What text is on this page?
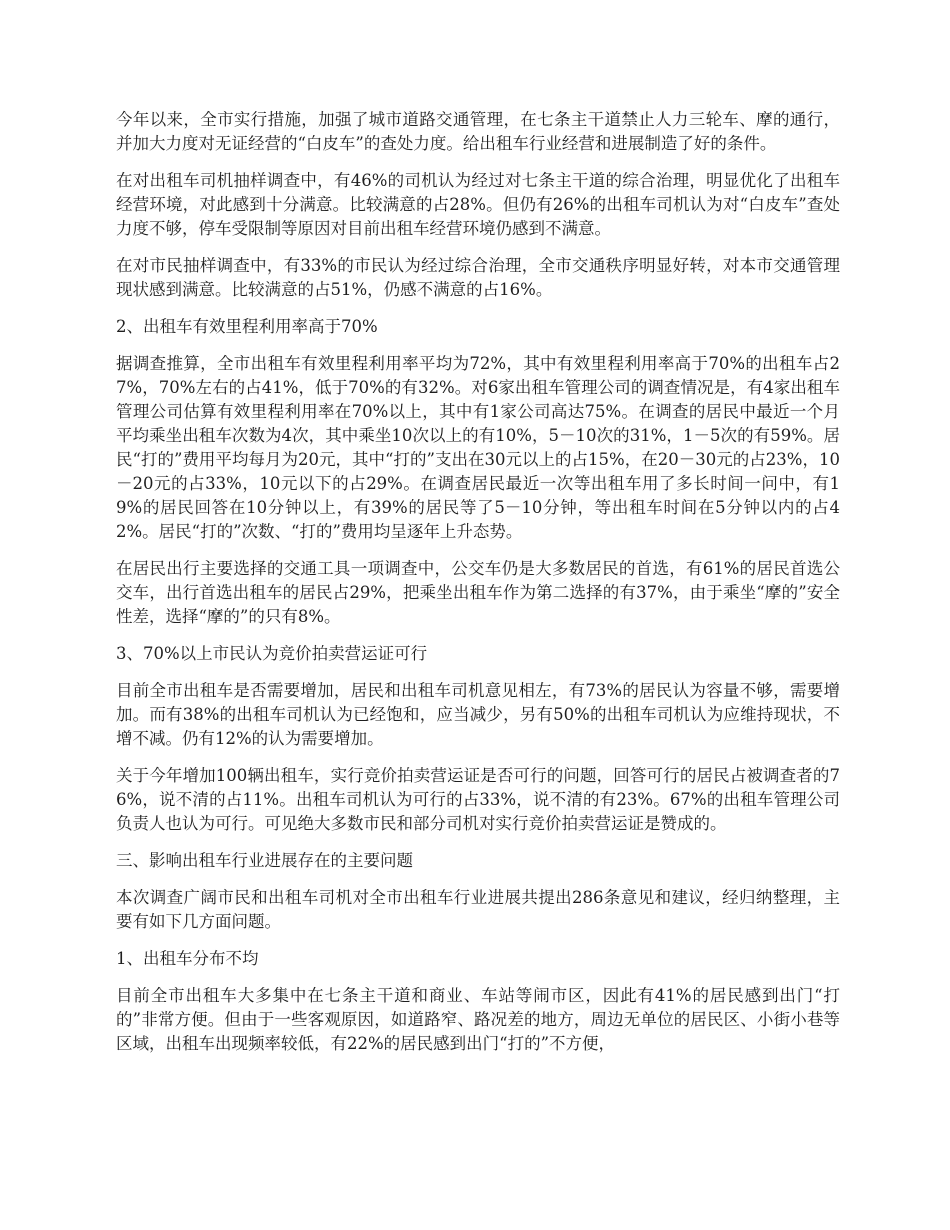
今年以来，全市实行措施，加强了城市道路交通管理，在七条主干道禁止人力三轮车、摩的通行，并加大力度对无证经营的“白皮车”的查处力度。给出租车行业经营和进展制造了好的条件。

在对出租车司机抽样调查中，有46%的司机认为经过对七条主干道的综合治理，明显优化了出租车经营环境，对此感到十分满意。比较满意的占28%。但仍有26%的出租车司机认为对“白皮车”查处力度不够，停车受限制等原因对目前出租车经营环境仍感到不满意。

在对市民抽样调查中，有33%的市民认为经过综合治理，全市交通秩序明显好转，对本市交通管理现状感到满意。比较满意的占51%，仍感不满意的占16%。

2、出租车有效里程利用率高于70%

据调查推算，全市出租车有效里程利用率平均为72%，其中有效里程利用率高于70%的出租车占27%，70%左右的占41%，低于70%的有32%。对6家出租车管理公司的调查情况是，有4家出租车管理公司估算有效里程利用率在70%以上，其中有1家公司高达75%。在调查的居民中最近一个月平均乘坐出租车次数为4次，其中乘坐10次以上的有10%，5－10次的31%，1－5次的有59%。居民“打的”费用平均每月为20元，其中“打的”支出在30元以上的占15%，在20－30元的占23%，10－20元的占33%，10元以下的占29%。在调查居民最近一次等出租车用了多长时间一问中，有19%的居民回答在10分钟以上，有39%的居民等了5－10分钟，等出租车时间在5分钟以内的占42%。居民“打的”次数、“打的”费用均呈逐年上升态势。

在居民出行主要选择的交通工具一项调查中，公交车仍是大多数居民的首选，有61%的居民首选公交车，出行首选出租车的居民占29%，把乘坐出租车作为第二选择的有37%，由于乘坐“摩的”安全性差，选择“摩的”的只有8%。

3、70%以上市民认为竞价拍卖营运证可行

目前全市出租车是否需要增加，居民和出租车司机意见相左，有73%的居民认为容量不够，需要增加。而有38%的出租车司机认为已经饱和，应当减少，另有50%的出租车司机认为应维持现状，不增不减。仍有12%的认为需要增加。

关于今年增加100辆出租车，实行竞价拍卖营运证是否可行的问题，回答可行的居民占被调查者的76%，说不清的占11%。出租车司机认为可行的占33%，说不清的有23%。67%的出租车管理公司负责人也认为可行。可见绝大多数市民和部分司机对实行竞价拍卖营运证是赞成的。

三、影响出租车行业进展存在的主要问题

本次调查广阔市民和出租车司机对全市出租车行业进展共提出286条意见和建议，经归纳整理，主要有如下几方面问题。

1、出租车分布不均

目前全市出租车大多集中在七条主干道和商业、车站等闹市区，因此有41%的居民感到出门“打的”非常方便。但由于一些客观原因，如道路窄、路况差的地方，周边无单位的居民区、小街小巷等区域，出租车出现频率较低，有22%的居民感到出门“打的”不方便，
